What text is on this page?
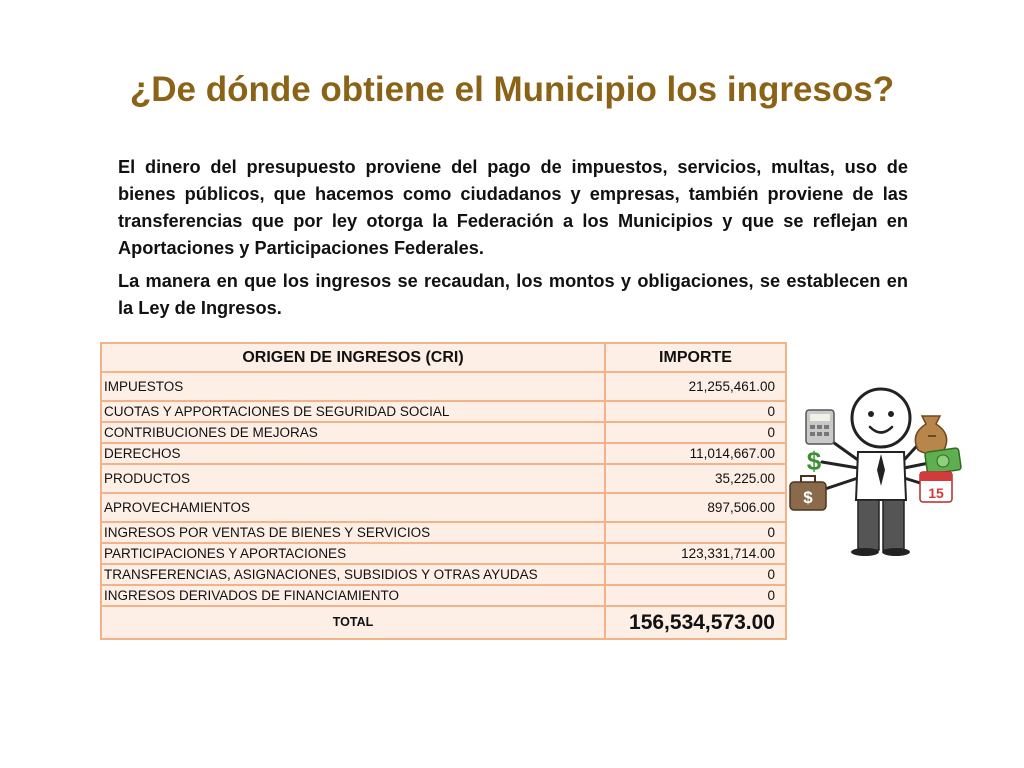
¿De dónde obtiene el Municipio los ingresos?

El dinero del presupuesto proviene del pago de impuestos, servicios, multas, uso de bienes públicos, que hacemos como ciudadanos y empresas, también proviene de las transferencias que por ley otorga la Federación a los Municipios y que se reflejan en Aportaciones y Participaciones Federales.

La manera en que los ingresos se recaudan, los montos y obligaciones, se establecen en la Ley de Ingresos.

ORIGEN DE INGRESOS (CRI)	IMPORTE
IMPUESTOS	21,255,461.00
CUOTAS Y APPORTACIONES DE SEGURIDAD SOCIAL	0
CONTRIBUCIONES DE MEJORAS	0
DERECHOS	11,014,667.00
PRODUCTOS	35,225.00
APROVECHAMIENTOS	897,506.00
INGRESOS POR VENTAS DE BIENES Y SERVICIOS	0
PARTICIPACIONES Y APORTACIONES	123,331,714.00
TRANSFERENCIAS, ASIGNACIONES, SUBSIDIOS Y OTRAS AYUDAS	0
INGRESOS DERIVADOS DE FINANCIAMIENTO	0
TOTAL	156,534,573.00
$
$	15
